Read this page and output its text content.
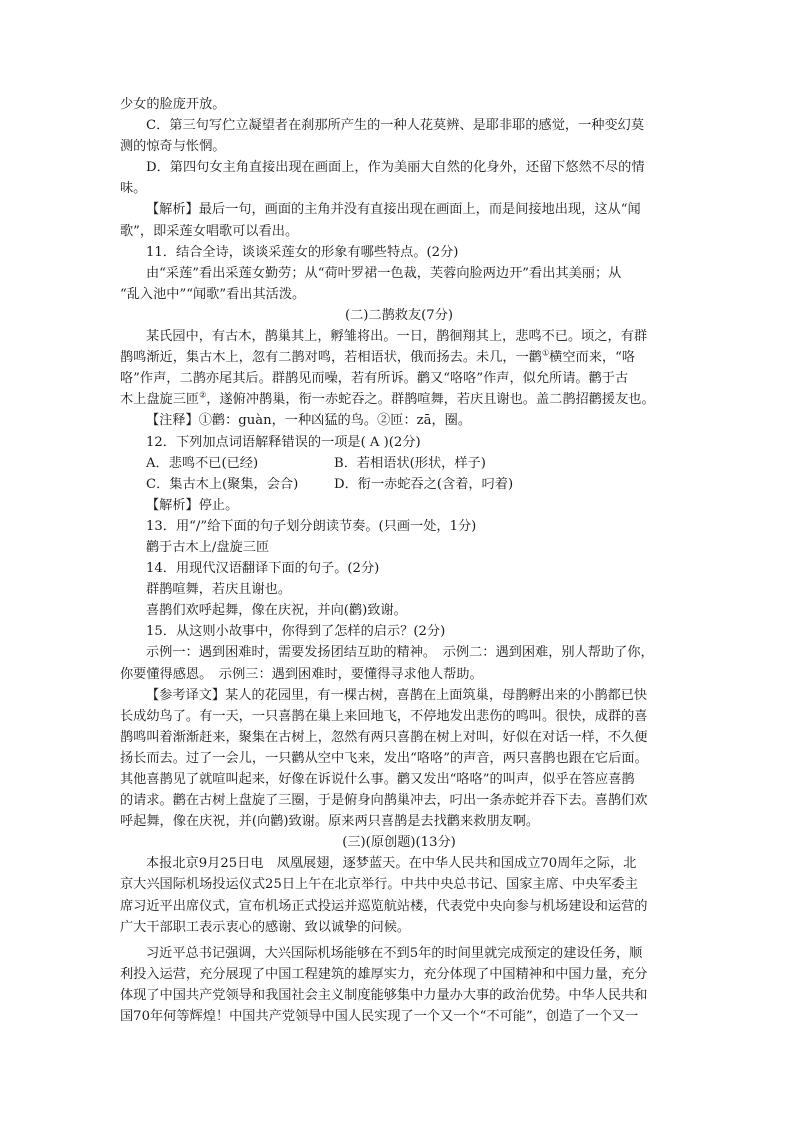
少女的脸庞开放。

C．第三句写伫立凝望者在刹那所产生的一种人花莫辨、是耶非耶的感觉，一种变幻莫

测的惊奇与怅惘。

D．第四句女主角直接出现在画面上，作为美丽大自然的化身外，还留下悠然不尽的情

味。

【解析】最后一句，画面的主角并没有直接出现在画面上，而是间接地出现，这从“闻

歌”，即采莲女唱歌可以看出。

11．结合全诗，谈谈采莲女的形象有哪些特点。(2分)

由“采莲”看出采莲女勤劳；从“荷叶罗裙一色裁，芙蓉向脸两边开”看出其美丽；从

“乱入池中”“闻歌”看出其活泼。

(二)二鹊救友(7分)

某氏园中，有古木，鹊巢其上，孵雏将出。一日，鹊徊翔其上，悲鸣不已。顷之，有群

鹊鸣渐近，集古木上，忽有二鹊对鸣，若相语状，俄而扬去。未几，一鹳①横空而来，“咯

咯”作声，二鹊亦尾其后。群鹊见而噪，若有所诉。鹳又“咯咯”作声，似允所请。鹳于古

木上盘旋三匝②，遂俯冲鹊巢，衔一赤蛇吞之。群鹊喧舞，若庆且谢也。盖二鹊招鹳援友也。

【注释】①鹳：guàn，一种凶猛的鸟。②匝：zā，圈。

12．下列加点词语解释错误的一项是( A )(2分)

A．悲鸣不已(已经)	B．若相语状(形状，样子)
C．集古木上(聚集，会合)	D．衔一赤蛇吞之(含着，叼着)

【解析】停止。

13．用“/”给下面的句子划分朗读节奏。(只画一处，1分)

鹳于古木上/盘旋三匝

14．用现代汉语翻译下面的句子。(2分)

群鹊喧舞，若庆且谢也。

喜鹊们欢呼起舞，像在庆祝，并向(鹳)致谢。

15．从这则小故事中，你得到了怎样的启示？(2分)

示例一：遇到困难时，需要发扬团结互助的精神。　示例二：遇到困难，别人帮助了你，

你要懂得感恩。　示例三：遇到困难时，要懂得寻求他人帮助。

【参考译文】某人的花园里，有一棵古树，喜鹊在上面筑巢，母鹊孵出来的小鹊都已快

长成幼鸟了。有一天，一只喜鹊在巢上来回地飞，不停地发出悲伤的鸣叫。很快，成群的喜

鹊鸣叫着渐渐赶来，聚集在古树上，忽然有两只喜鹊在树上对叫，好似在对话一样，不久便

扬长而去。过了一会儿，一只鹳从空中飞来，发出“咯咯”的声音，两只喜鹊也跟在它后面。

其他喜鹊见了就喧叫起来，好像在诉说什么事。鹳又发出“咯咯”的叫声，似乎在答应喜鹊

的请求。鹳在古树上盘旋了三圈，于是俯身向鹊巢冲去，叼出一条赤蛇并吞下去。喜鹊们欢

呼起舞，像在庆祝，并(向鹳)致谢。原来两只喜鹊是去找鹳来救朋友啊。

(三)(原创题)(13分)

本报北京9月25日电　凤凰展翅，逐梦蓝天。在中华人民共和国成立70周年之际，北

京大兴国际机场投运仪式25日上午在北京举行。中共中央总书记、国家主席、中央军委主

席习近平出席仪式，宣布机场正式投运并巡览航站楼，代表党中央向参与机场建设和运营的

广大干部职工表示衷心的感谢、致以诚挚的问候。

习近平总书记强调，大兴国际机场能够在不到5年的时间里就完成预定的建设任务，顺

利投入运营，充分展现了中国工程建筑的雄厚实力，充分体现了中国精神和中国力量，充分

体现了中国共产党领导和我国社会主义制度能够集中力量办大事的政治优势。中华人民共和

国70年何等辉煌！中国共产党领导中国人民实现了一个又一个“不可能”，创造了一个又一
